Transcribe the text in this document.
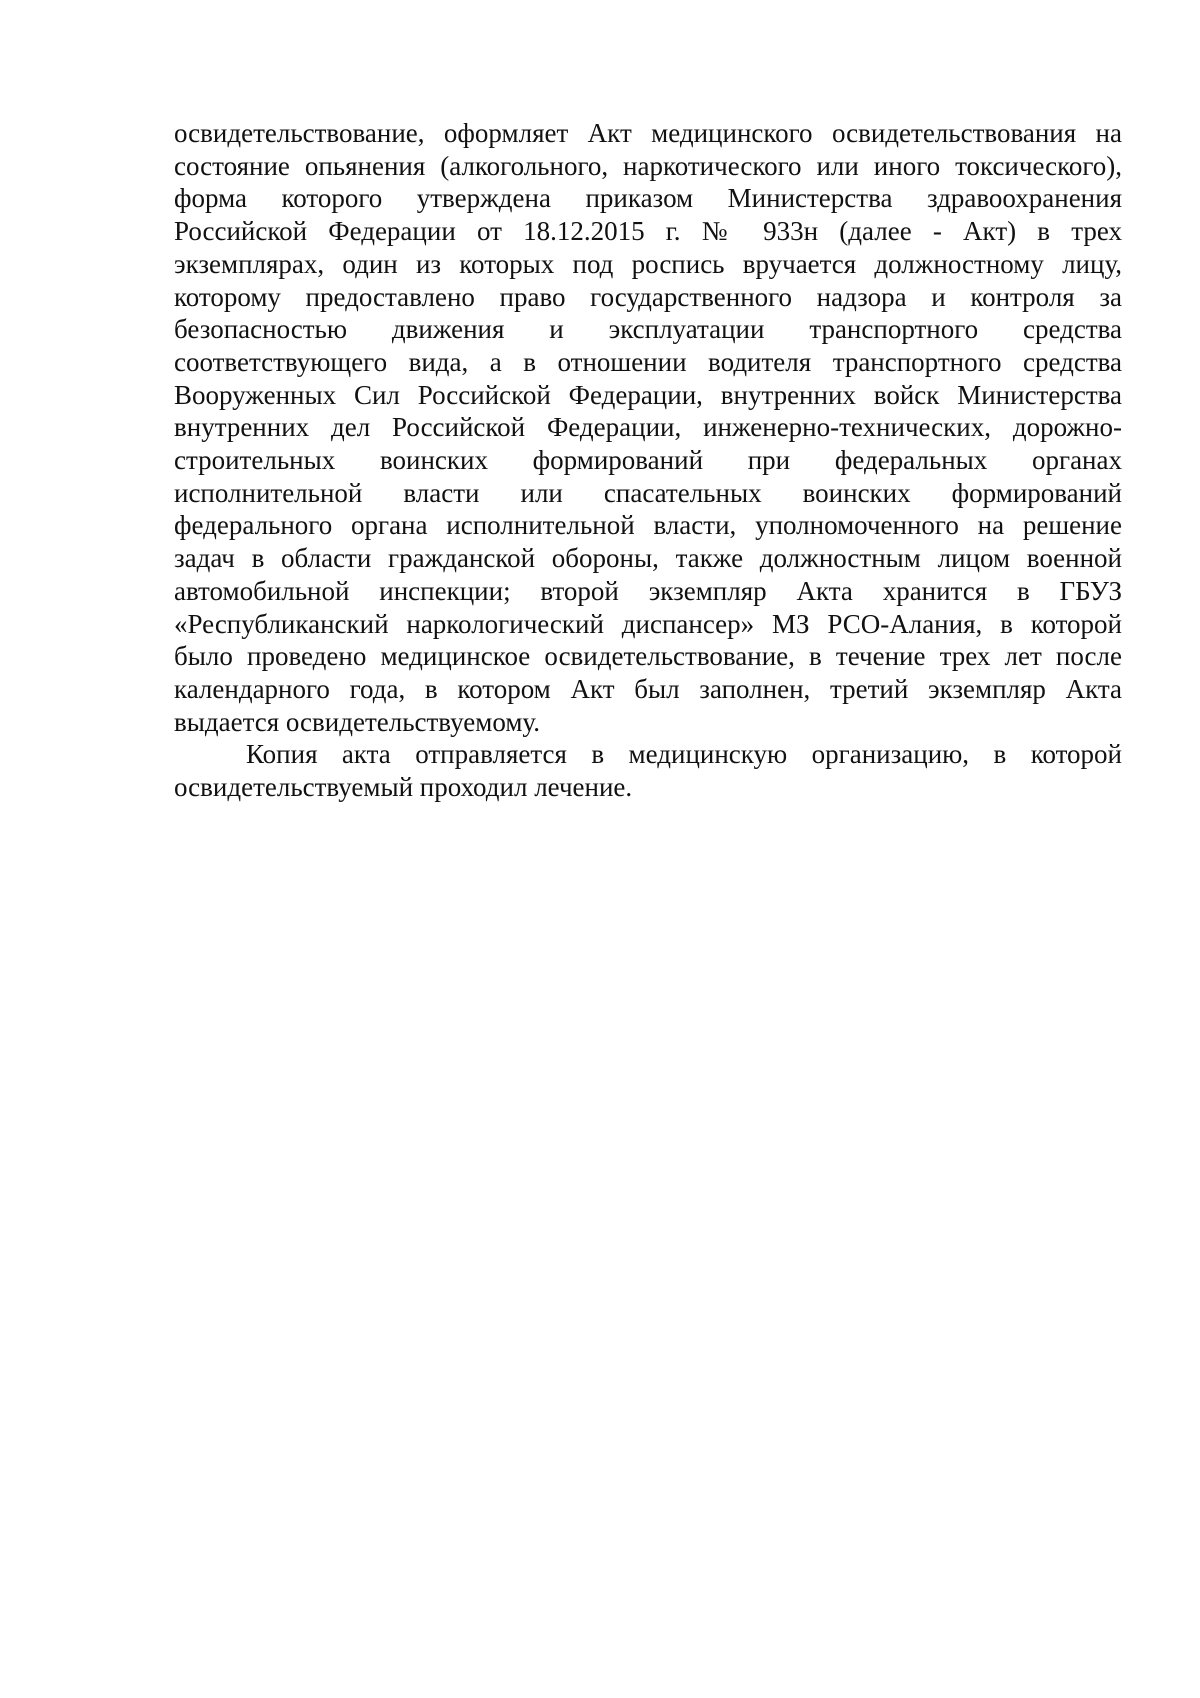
освидетельствование, оформляет Акт медицинского освидетельствования на
состояние опьянения (алкогольного, наркотического или иного токсического),
форма которого утверждена приказом Министерства здравоохранения
Российской Федерации от 18.12.2015 г. № 933н (далее - Акт) в трех
экземплярах, один из которых под роспись вручается должностному лицу,
которому предоставлено право государственного надзора и контроля за
безопасностью движения и эксплуатации транспортного средства
соответствующего вида, а в отношении водителя транспортного средства
Вооруженных Сил Российской Федерации, внутренних войск Министерства
внутренних дел Российской Федерации, инженерно-технических, дорожно-
строительных воинских формирований при федеральных органах
исполнительной власти или спасательных воинских формирований
федерального органа исполнительной власти, уполномоченного на решение
задач в области гражданской обороны, также должностным лицом военной
автомобильной инспекции; второй экземпляр Акта хранится в ГБУЗ
«Республиканский наркологический диспансер» МЗ РСО-Алания, в которой
было проведено медицинское освидетельствование, в течение трех лет после
календарного года, в котором Акт был заполнен, третий экземпляр Акта
выдается освидетельствуемому.
Копия акта отправляется в медицинскую организацию, в которой
освидетельствуемый проходил лечение.
